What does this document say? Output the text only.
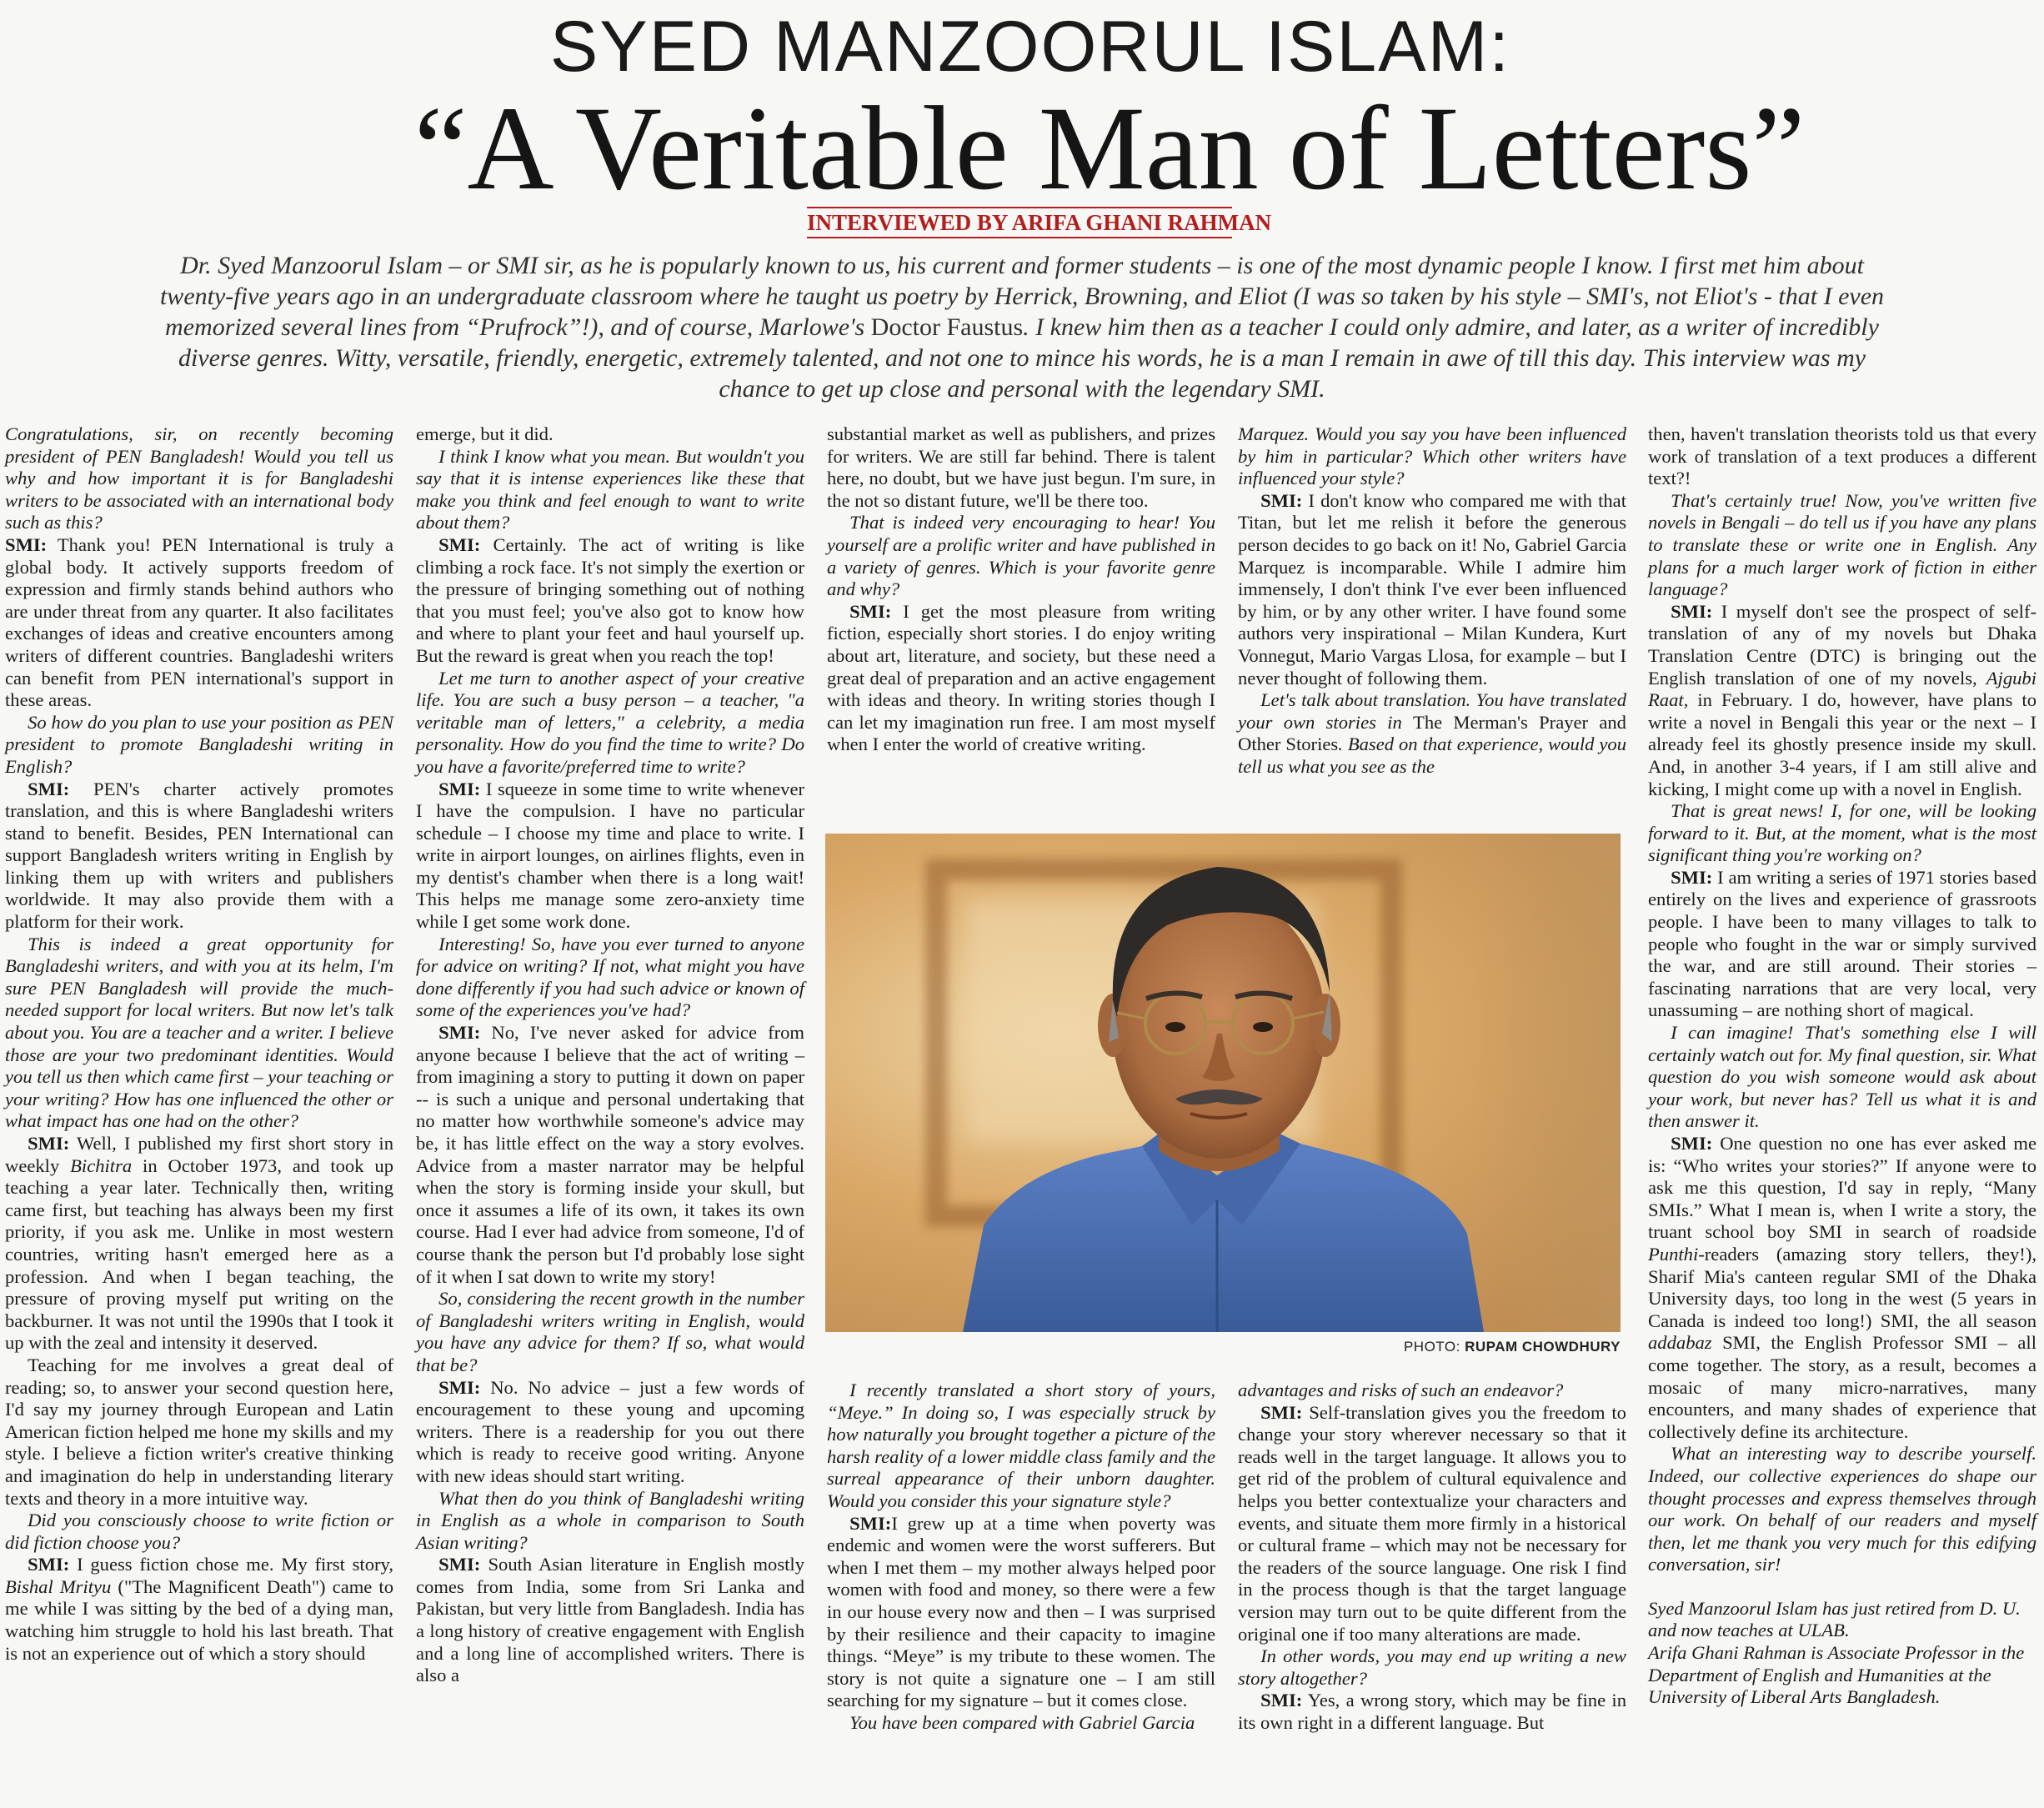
SYED MANZOORUL ISLAM:
“A Veritable Man of Letters”
INTERVIEWED BY ARIFA GHANI RAHMAN
Dr. Syed Manzoorul Islam – or SMI sir, as he is popularly known to us, his current and former students – is one of the most dynamic people I know. I first met him about twenty-five years ago in an undergraduate classroom where he taught us poetry by Herrick, Browning, and Eliot (I was so taken by his style – SMI's, not Eliot's - that I even memorized several lines from “Prufrock”!), and of course, Marlowe's Doctor Faustus. I knew him then as a teacher I could only admire, and later, as a writer of incredibly diverse genres. Witty, versatile, friendly, energetic, extremely talented, and not one to mince his words, he is a man I remain in awe of till this day. This interview was my chance to get up close and personal with the legendary SMI.

Congratulations, sir, on recently becoming president of PEN Bangladesh! Would you tell us why and how important it is for Bangladeshi writers to be associated with an international body such as this?

SMI: Thank you! PEN International is truly a global body. It actively supports freedom of expression and firmly stands behind authors who are under threat from any quarter. It also facilitates exchanges of ideas and creative encounters among writers of different countries. Bangladeshi writers can benefit from PEN international's support in these areas.

So how do you plan to use your position as PEN president to promote Bangladeshi writing in English?

SMI: PEN's charter actively promotes translation, and this is where Bangladeshi writers stand to benefit. Besides, PEN International can support Bangladesh writers writing in English by linking them up with writers and publishers worldwide. It may also provide them with a platform for their work.

This is indeed a great opportunity for Bangladeshi writers, and with you at its helm, I'm sure PEN Bangladesh will provide the much-needed support for local writers. But now let's talk about you. You are a teacher and a writer. I believe those are your two predominant identities. Would you tell us then which came first – your teaching or your writing? How has one influenced the other or what impact has one had on the other?

SMI: Well, I published my first short story in weekly Bichitra in October 1973, and took up teaching a year later. Technically then, writing came first, but teaching has always been my first priority, if you ask me. Unlike in most western countries, writing hasn't emerged here as a profession. And when I began teaching, the pressure of proving myself put writing on the backburner. It was not until the 1990s that I took it up with the zeal and intensity it deserved.

Teaching for me involves a great deal of reading; so, to answer your second question here, I'd say my journey through European and Latin American fiction helped me hone my skills and my style. I believe a fiction writer's creative thinking and imagination do help in understanding literary texts and theory in a more intuitive way.

Did you consciously choose to write fiction or did fiction choose you?

SMI: I guess fiction chose me. My first story, Bishal Mrityu ("The Magnificent Death") came to me while I was sitting by the bed of a dying man, watching him struggle to hold his last breath. That is not an experience out of which a story should

emerge, but it did.

I think I know what you mean. But wouldn't you say that it is intense experiences like these that make you think and feel enough to want to write about them?

SMI: Certainly. The act of writing is like climbing a rock face. It's not simply the exertion or the pressure of bringing something out of nothing that you must feel; you've also got to know how and where to plant your feet and haul yourself up. But the reward is great when you reach the top!

Let me turn to another aspect of your creative life. You are such a busy person – a teacher, "a veritable man of letters," a celebrity, a media personality. How do you find the time to write? Do you have a favorite/preferred time to write?

SMI: I squeeze in some time to write whenever I have the compulsion. I have no particular schedule – I choose my time and place to write. I write in airport lounges, on airlines flights, even in my dentist's chamber when there is a long wait! This helps me manage some zero-anxiety time while I get some work done.

Interesting! So, have you ever turned to anyone for advice on writing? If not, what might you have done differently if you had such advice or known of some of the experiences you've had?

SMI: No, I've never asked for advice from anyone because I believe that the act of writing – from imagining a story to putting it down on paper -- is such a unique and personal undertaking that no matter how worthwhile someone's advice may be, it has little effect on the way a story evolves. Advice from a master narrator may be helpful when the story is forming inside your skull, but once it assumes a life of its own, it takes its own course. Had I ever had advice from someone, I'd of course thank the person but I'd probably lose sight of it when I sat down to write my story!

So, considering the recent growth in the number of Bangladeshi writers writing in English, would you have any advice for them? If so, what would that be?

SMI: No. No advice – just a few words of encouragement to these young and upcoming writers. There is a readership for you out there which is ready to receive good writing. Anyone with new ideas should start writing.

What then do you think of Bangladeshi writing in English as a whole in comparison to South Asian writing?

SMI: South Asian literature in English mostly comes from India, some from Sri Lanka and Pakistan, but very little from Bangladesh. India has a long history of creative engagement with English and a long line of accomplished writers. There is also a

substantial market as well as publishers, and prizes for writers. We are still far behind. There is talent here, no doubt, but we have just begun. I'm sure, in the not so distant future, we'll be there too.

That is indeed very encouraging to hear! You yourself are a prolific writer and have published in a variety of genres. Which is your favorite genre and why?

SMI: I get the most pleasure from writing fiction, especially short stories. I do enjoy writing about art, literature, and society, but these need a great deal of preparation and an active engagement with ideas and theory. In writing stories though I can let my imagination run free. I am most myself when I enter the world of creative writing.

Marquez. Would you say you have been influenced by him in particular? Which other writers have influenced your style?

SMI: I don't know who compared me with that Titan, but let me relish it before the generous person decides to go back on it! No, Gabriel Garcia Marquez is incomparable. While I admire him immensely, I don't think I've ever been influenced by him, or by any other writer. I have found some authors very inspirational – Milan Kundera, Kurt Vonnegut, Mario Vargas Llosa, for example – but I never thought of following them.

Let's talk about translation. You have translated your own stories in The Merman's Prayer and Other Stories. Based on that experience, would you tell us what you see as the

PHOTO: RUPAM CHOWDHURY

I recently translated a short story of yours, “Meye.” In doing so, I was especially struck by how naturally you brought together a picture of the harsh reality of a lower middle class family and the surreal appearance of their unborn daughter. Would you consider this your signature style?

SMI:I grew up at a time when poverty was endemic and women were the worst sufferers. But when I met them – my mother always helped poor women with food and money, so there were a few in our house every now and then – I was surprised by their resilience and their capacity to imagine things. “Meye” is my tribute to these women. The story is not quite a signature one – I am still searching for my signature – but it comes close.

You have been compared with Gabriel Garcia

advantages and risks of such an endeavor?

SMI: Self-translation gives you the freedom to change your story wherever necessary so that it reads well in the target language. It allows you to get rid of the problem of cultural equivalence and helps you better contextualize your characters and events, and situate them more firmly in a historical or cultural frame – which may not be necessary for the readers of the source language. One risk I find in the process though is that the target language version may turn out to be quite different from the original one if too many alterations are made.

In other words, you may end up writing a new story altogether?

SMI: Yes, a wrong story, which may be fine in its own right in a different language. But

then, haven't translation theorists told us that every work of translation of a text produces a different text?!

That's certainly true! Now, you've written five novels in Bengali – do tell us if you have any plans to translate these or write one in English. Any plans for a much larger work of fiction in either language?

SMI: I myself don't see the prospect of self-translation of any of my novels but Dhaka Translation Centre (DTC) is bringing out the English translation of one of my novels, Ajgubi Raat, in February. I do, however, have plans to write a novel in Bengali this year or the next – I already feel its ghostly presence inside my skull. And, in another 3-4 years, if I am still alive and kicking, I might come up with a novel in English.

That is great news! I, for one, will be looking forward to it. But, at the moment, what is the most significant thing you're working on?

SMI: I am writing a series of 1971 stories based entirely on the lives and experience of grassroots people. I have been to many villages to talk to people who fought in the war or simply survived the war, and are still around. Their stories – fascinating narrations that are very local, very unassuming – are nothing short of magical.

I can imagine! That's something else I will certainly watch out for. My final question, sir. What question do you wish someone would ask about your work, but never has? Tell us what it is and then answer it.

SMI: One question no one has ever asked me is: “Who writes your stories?” If anyone were to ask me this question, I'd say in reply, “Many SMIs.” What I mean is, when I write a story, the truant school boy SMI in search of roadside Punthi-readers (amazing story tellers, they!), Sharif Mia's canteen regular SMI of the Dhaka University days, too long in the west (5 years in Canada is indeed too long!) SMI, the all season addabaz SMI, the English Professor SMI – all come together. The story, as a result, becomes a mosaic of many micro-narratives, many encounters, and many shades of experience that collectively define its architecture.

What an interesting way to describe yourself. Indeed, our collective experiences do shape our thought processes and express themselves through our work. On behalf of our readers and myself then, let me thank you very much for this edifying conversation, sir!

Syed Manzoorul Islam has just retired from D. U. and now teaches at ULAB.

Arifa Ghani Rahman is Associate Professor in the Department of English and Humanities at the University of Liberal Arts Bangladesh.
